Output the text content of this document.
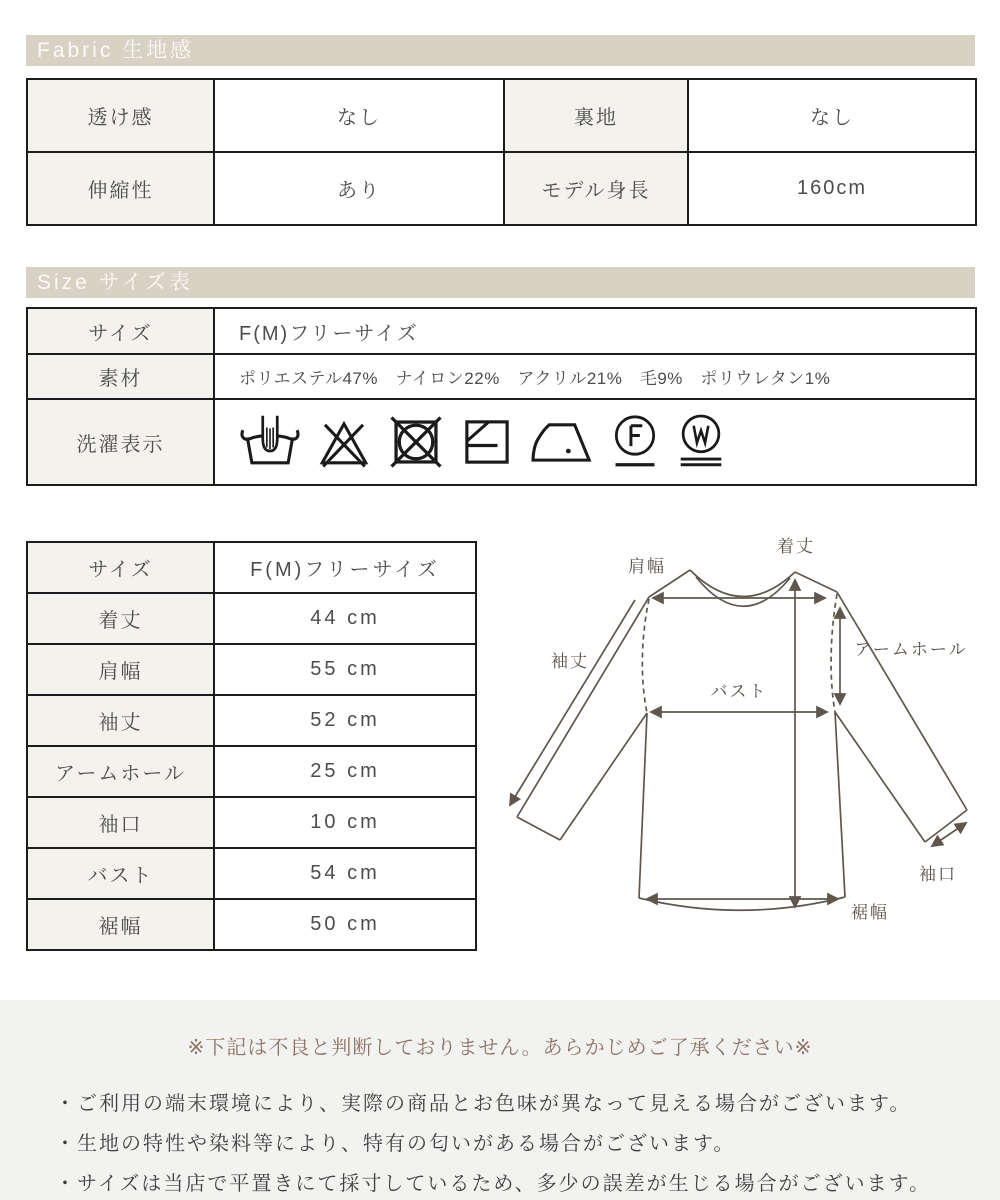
Fabric 生地感
透け感	なし	裏地	なし
伸縮性	あり	モデル身長	160cm
Size サイズ表
サイズ	F(M)フリーサイズ
素材	ポリエステル47%　ナイロン22%　アクリル21%　毛9%　ポリウレタン1%
洗濯表示	
サイズ	F(M)フリーサイズ
着丈	44 cm
肩幅	55 cm
袖丈	52 cm
アームホール	25 cm
袖口	10 cm
バスト	54 cm
裾幅	50 cm
肩幅
着丈
袖丈
アームホール
バスト
袖口
裾幅
※下記は不良と判断しておりません。あらかじめご了承ください※
・ご利用の端末環境により、実際の商品とお色味が異なって見える場合がございます。
・生地の特性や染料等により、特有の匂いがある場合がございます。
・サイズは当店で平置きにて採寸しているため、多少の誤差が生じる場合がございます。
